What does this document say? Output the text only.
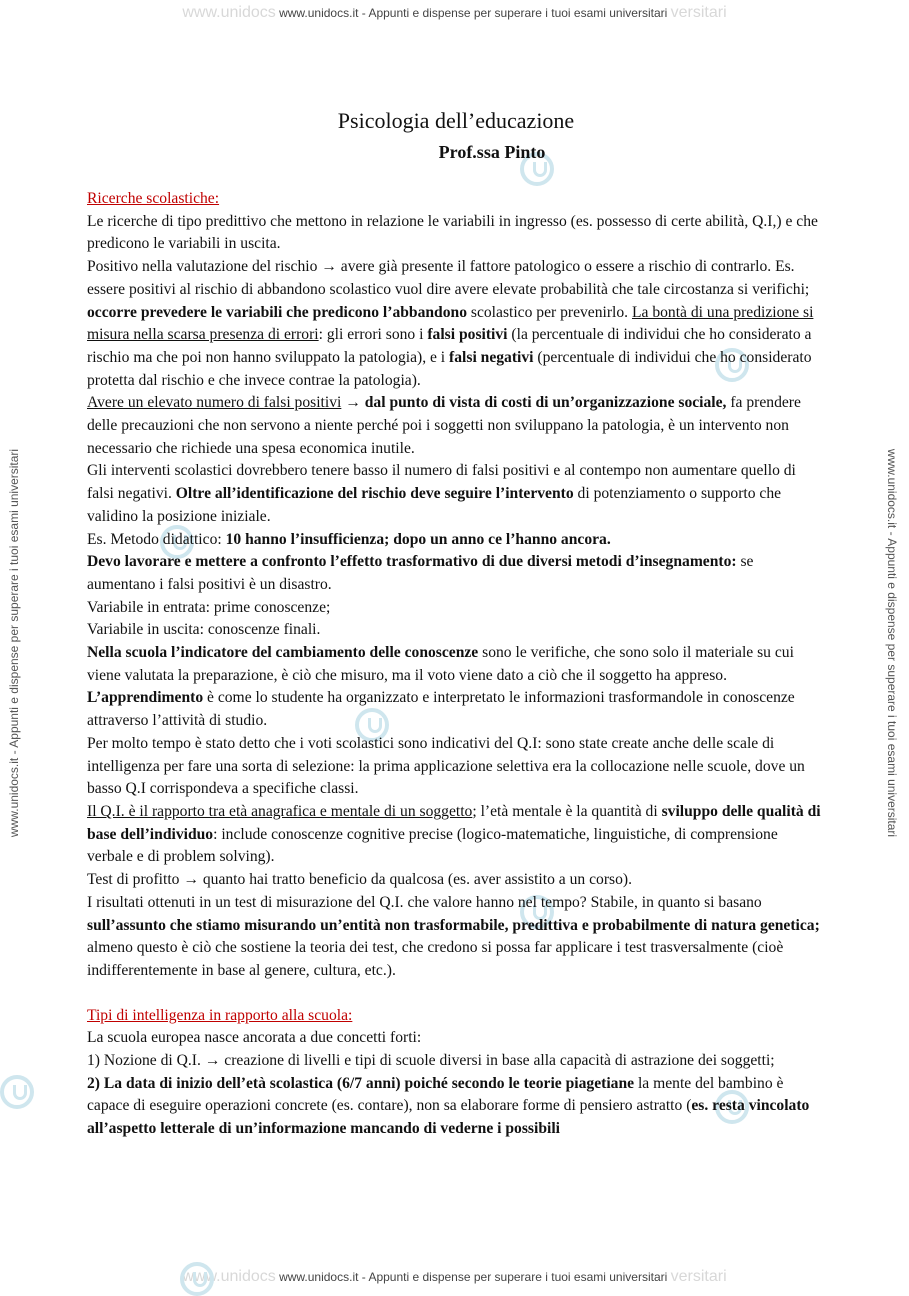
www.unidocs www.unidocs.it - Appunti e dispense per superare i tuoi esami universitari versitari
www.unidocs www.unidocs.it - Appunti e dispense per superare i tuoi esami universitari versitari
www.unidocs.it - Appunti e dispense per superare i tuoi esami universitari	www.unidocs.it - Appunti e dispense per superare i tuoi esami universitari
Psicologia dell’educazione
Prof.ssa Pinto

Ricerche scolastiche:

Le ricerche di tipo predittivo che mettono in relazione le variabili in ingresso (es. possesso di certe abilità, Q.I,) e che predicono le variabili in uscita.

Positivo nella valutazione del rischio → avere già presente il fattore patologico o essere a rischio di contrarlo. Es. essere positivi al rischio di abbandono scolastico vuol dire avere elevate probabilità che tale circostanza si verifichi; occorre prevedere le variabili che predicono l’abbandono scolastico per prevenirlo. La bontà di una predizione si misura nella scarsa presenza di errori: gli errori sono i falsi positivi (la percentuale di individui che ho considerato a rischio ma che poi non hanno sviluppato la patologia), e i falsi negativi (percentuale di individui che ho considerato protetta dal rischio e che invece contrae la patologia).

Avere un elevato numero di falsi positivi → dal punto di vista di costi di un’organizzazione sociale, fa prendere delle precauzioni che non servono a niente perché poi i soggetti non sviluppano la patologia, è un intervento non necessario che richiede una spesa economica inutile.

Gli interventi scolastici dovrebbero tenere basso il numero di falsi positivi e al contempo non aumentare quello di falsi negativi. Oltre all’identificazione del rischio deve seguire l’intervento di potenziamento o supporto che validino la posizione iniziale.

Es. Metodo didattico: 10 hanno l’insufficienza; dopo un anno ce l’hanno ancora.

Devo lavorare e mettere a confronto l’effetto trasformativo di due diversi metodi d’insegnamento: se aumentano i falsi positivi è un disastro.

Variabile in entrata: prime conoscenze;

Variabile in uscita: conoscenze finali.

Nella scuola l’indicatore del cambiamento delle conoscenze sono le verifiche, che sono solo il materiale su cui viene valutata la preparazione, è ciò che misuro, ma il voto viene dato a ciò che il soggetto ha appreso. L’apprendimento è come lo studente ha organizzato e interpretato le informazioni trasformandole in conoscenze attraverso l’attività di studio.

Per molto tempo è stato detto che i voti scolastici sono indicativi del Q.I: sono state create anche delle scale di intelligenza per fare una sorta di selezione: la prima applicazione selettiva era la collocazione nelle scuole, dove un basso Q.I corrispondeva a specifiche classi.

Il Q.I. è il rapporto tra età anagrafica e mentale di un soggetto; l’età mentale è la quantità di sviluppo delle qualità di base dell’individuo: include conoscenze cognitive precise (logico-matematiche, linguistiche, di comprensione verbale e di problem solving).

Test di profitto → quanto hai tratto beneficio da qualcosa (es. aver assistito a un corso).

I risultati ottenuti in un test di misurazione del Q.I. che valore hanno nel tempo? Stabile, in quanto si basano sull’assunto che stiamo misurando un’entità non trasformabile, predittiva e probabilmente di natura genetica; almeno questo è ciò che sostiene la teoria dei test, che credono si possa far applicare i test trasversalmente (cioè indifferentemente in base al genere, cultura, etc.).

Tipi di intelligenza in rapporto alla scuola:

La scuola europea nasce ancorata a due concetti forti:

1) Nozione di Q.I. → creazione di livelli e tipi di scuole diversi in base alla capacità di astrazione dei soggetti;

2) La data di inizio dell’età scolastica (6/7 anni) poiché secondo le teorie piagetiane la mente del bambino è capace di eseguire operazioni concrete (es. contare), non sa elaborare forme di pensiero astratto (es. resta vincolato all’aspetto letterale di un’informazione mancando di vederne i possibili
